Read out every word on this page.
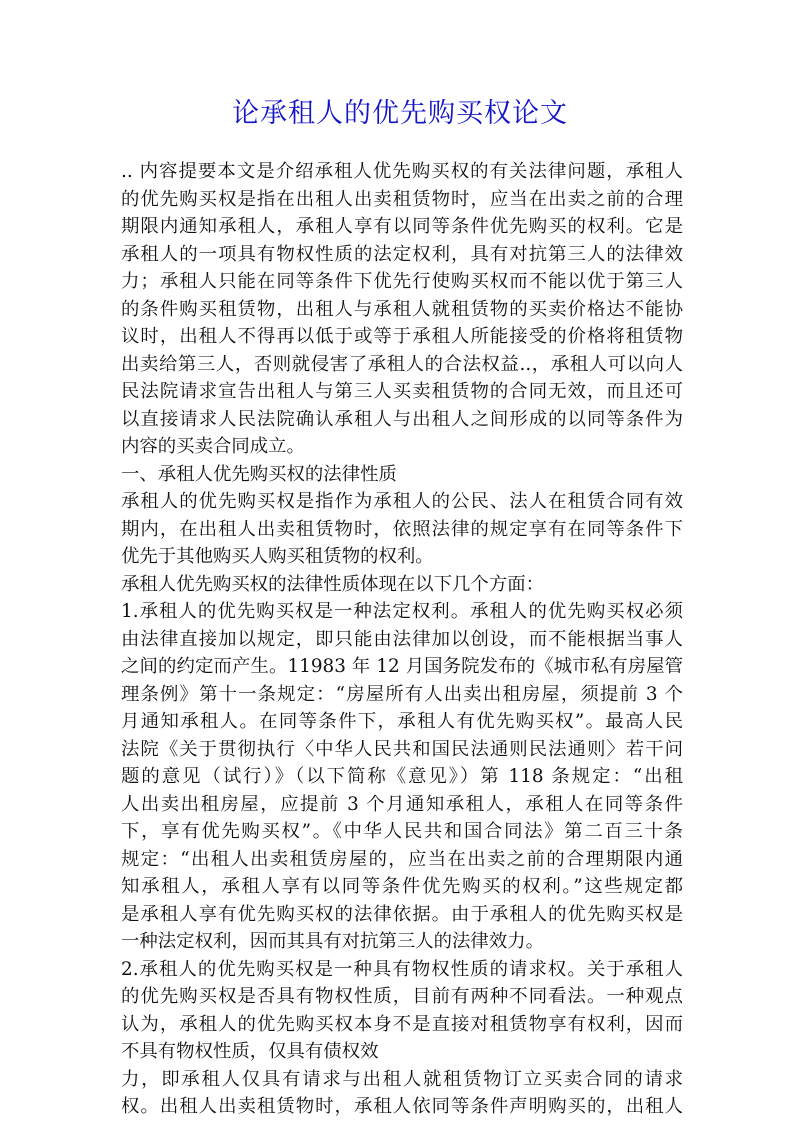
论承租人的优先购买权论文
.. 内容提要本文是介绍承租人优先购买权的有关法律问题，承租人
的优先购买权是指在出租人出卖租赁物时，应当在出卖之前的合理
期限内通知承租人，承租人享有以同等条件优先购买的权利。它是
承租人的一项具有物权性质的法定权利，具有对抗第三人的法律效
力；承租人只能在同等条件下优先行使购买权而不能以优于第三人
的条件购买租赁物，出租人与承租人就租赁物的买卖价格达不能协
议时，出租人不得再以低于或等于承租人所能接受的价格将租赁物
出卖给第三人，否则就侵害了承租人的合法权益..，承租人可以向人
民法院请求宣告出租人与第三人买卖租赁物的合同无效，而且还可
以直接请求人民法院确认承租人与出租人之间形成的以同等条件为
内容的买卖合同成立。
一、承租人优先购买权的法律性质
承租人的优先购买权是指作为承租人的公民、法人在租赁合同有效
期内，在出租人出卖租赁物时，依照法律的规定享有在同等条件下
优先于其他购买人购买租赁物的权利。
承租人优先购买权的法律性质体现在以下几个方面：
1.承租人的优先购买权是一种法定权利。承租人的优先购买权必须
由法律直接加以规定，即只能由法律加以创设，而不能根据当事人
之间的约定而产生。11983 年 12 月国务院发布的《城市私有房屋管
理条例》第十一条规定：“房屋所有人出卖出租房屋，须提前 3 个
月通知承租人。在同等条件下，承租人有优先购买权”。最高人民
法院《关于贯彻执行〈中华人民共和国民法通则民法通则〉若干问
题的意见（试行）》（以下简称《意见》）第 118 条规定：“出租
人出卖出租房屋，应提前 3 个月通知承租人，承租人在同等条件
下，享有优先购买权”。《中华人民共和国合同法》第二百三十条
规定：“出租人出卖租赁房屋的，应当在出卖之前的合理期限内通
知承租人，承租人享有以同等条件优先购买的权利。”这些规定都
是承租人享有优先购买权的法律依据。由于承租人的优先购买权是
一种法定权利，因而其具有对抗第三人的法律效力。
2.承租人的优先购买权是一种具有物权性质的请求权。关于承租人
的优先购买权是否具有物权性质，目前有两种不同看法。一种观点
认为，承租人的优先购买权本身不是直接对租赁物享有权利，因而
不具有物权性质，仅具有债权效
力，即承租人仅具有请求与出租人就租赁物订立买卖合同的请求
权。出租人出卖租赁物时，承租人依同等条件声明购买的，出租人
